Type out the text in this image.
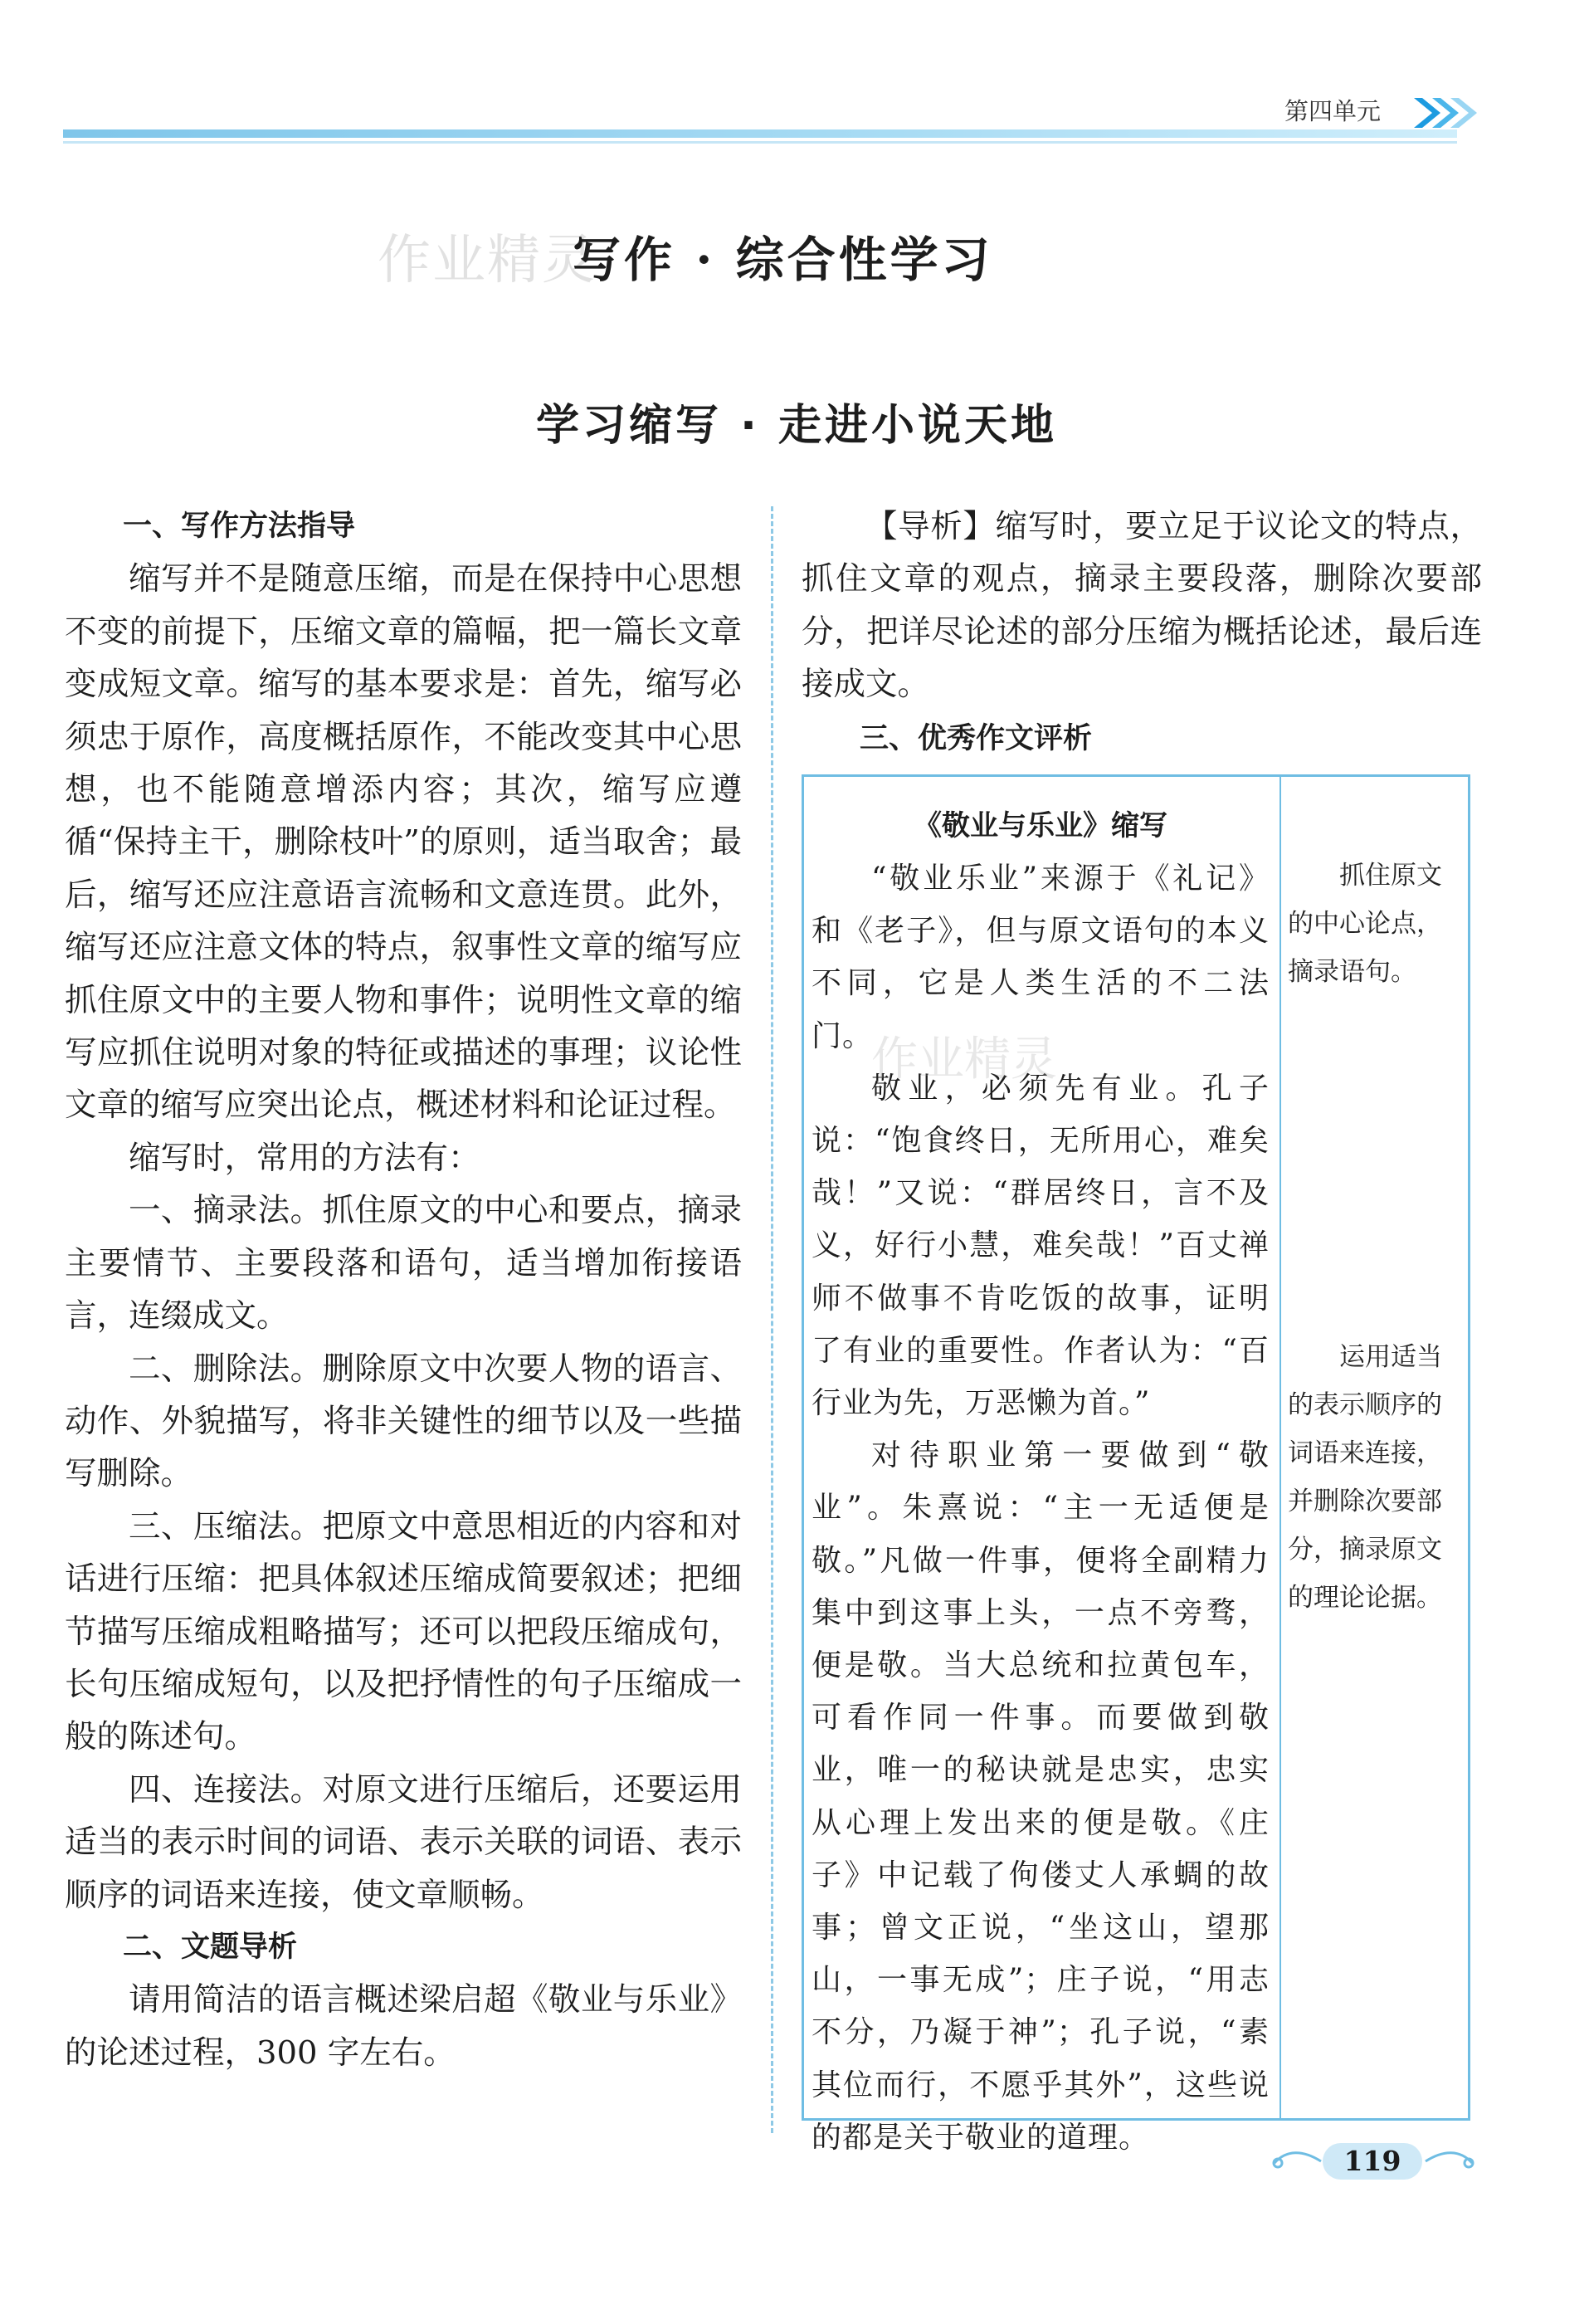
第四单元
作业精灵
写作 · 综合性学习
学习缩写 · 走进小说天地

一、写作方法指导

缩写并不是随意压缩，而是在保持中心思想不变的前提下，压缩文章的篇幅，把一篇长文章变成短文章。缩写的基本要求是：首先，缩写必须忠于原作，高度概括原作，不能改变其中心思想，也不能随意增添内容；其次，缩写应遵循“保持主干，删除枝叶”的原则，适当取舍；最后，缩写还应注意语言流畅和文意连贯。此外，缩写还应注意文体的特点，叙事性文章的缩写应抓住原文中的主要人物和事件；说明性文章的缩写应抓住说明对象的特征或描述的事理；议论性文章的缩写应突出论点，概述材料和论证过程。

缩写时，常用的方法有：

一、摘录法。抓住原文的中心和要点，摘录主要情节、主要段落和语句，适当增加衔接语言，连缀成文。

二、删除法。删除原文中次要人物的语言、动作、外貌描写，将非关键性的细节以及一些描写删除。

三、压缩法。把原文中意思相近的内容和对话进行压缩：把具体叙述压缩成简要叙述；把细节描写压缩成粗略描写；还可以把段压缩成句，长句压缩成短句，以及把抒情性的句子压缩成一般的陈述句。

四、连接法。对原文进行压缩后，还要运用适当的表示时间的词语、表示关联的词语、表示顺序的词语来连接，使文章顺畅。

二、文题导析

请用简洁的语言概述梁启超《敬业与乐业》的论述过程，300 字左右。

【导析】缩写时，要立足于议论文的特点，抓住文章的观点，摘录主要段落，删除次要部分，把详尽论述的部分压缩为概括论述，最后连接成文。

三、优秀作文评析

《敬业与乐业》缩写

“敬业乐业”来源于《礼记》和《老子》，但与原文语句的本义不同，它是人类生活的不二法门。

敬业，必须先有业。孔子说：“饱食终日，无所用心，难矣哉！”又说：“群居终日，言不及义，好行小慧，难矣哉！”百丈禅师不做事不肯吃饭的故事，证明了有业的重要性。作者认为：“百行业为先，万恶懒为首。”

对待职业第一要做到“敬业”。朱熹说：“主一无适便是敬。”凡做一件事，便将全副精力集中到这事上头，一点不旁骛，便是敬。当大总统和拉黄包车，可看作同一件事。而要做到敬业，唯一的秘诀就是忠实，忠实从心理上发出来的便是敬。《庄子》中记载了佝偻丈人承蜩的故事；曾文正说，“坐这山，望那山，一事无成”；庄子说，“用志不分，乃凝于神”；孔子说，“素其位而行，不愿乎其外”，这些说的都是关于敬业的道理。

作业精灵
抓住原文
的中心论点，
摘录语句。
运用适当
的表示顺序的
词语来连接，
并删除次要部
分，摘录原文
的理论论据。
119
